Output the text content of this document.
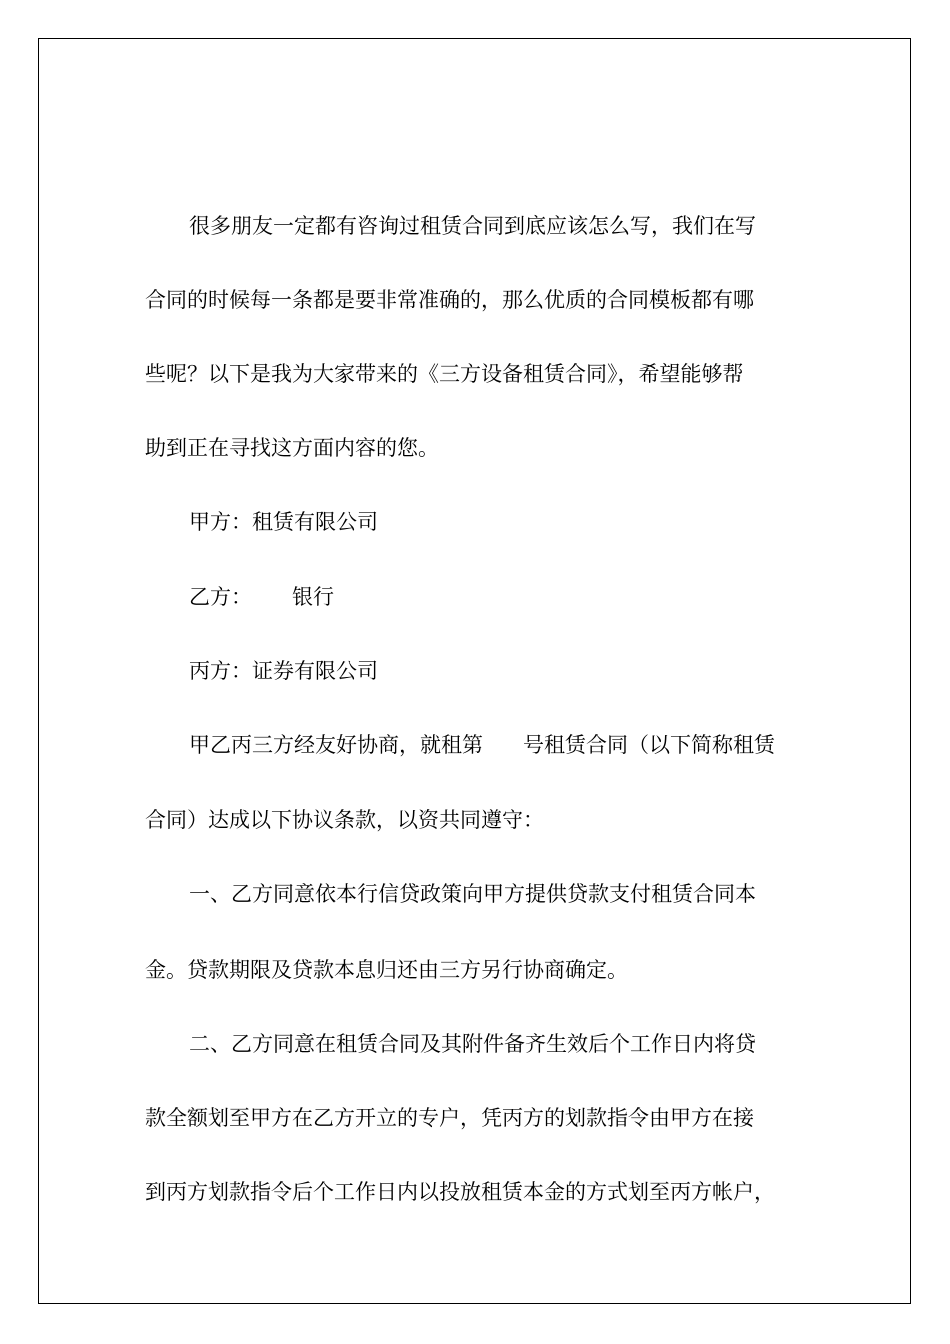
很多朋友一定都有咨询过租赁合同到底应该怎么写，我们在写
合同的时候每一条都是要非常准确的，那么优质的合同模板都有哪
些呢？以下是我为大家带来的《三方设备租赁合同》，希望能够帮
助到正在寻找这方面内容的您。
甲方：租赁有限公司
乙方：      银行
丙方：证券有限公司
甲乙丙三方经友好协商，就租第      号租赁合同（以下简称租赁
合同）达成以下协议条款，以资共同遵守：
一、乙方同意依本行信贷政策向甲方提供贷款支付租赁合同本
金。贷款期限及贷款本息归还由三方另行协商确定。
二、乙方同意在租赁合同及其附件备齐生效后个工作日内将贷
款全额划至甲方在乙方开立的专户，凭丙方的划款指令由甲方在接
到丙方划款指令后个工作日内以投放租赁本金的方式划至丙方帐户，
